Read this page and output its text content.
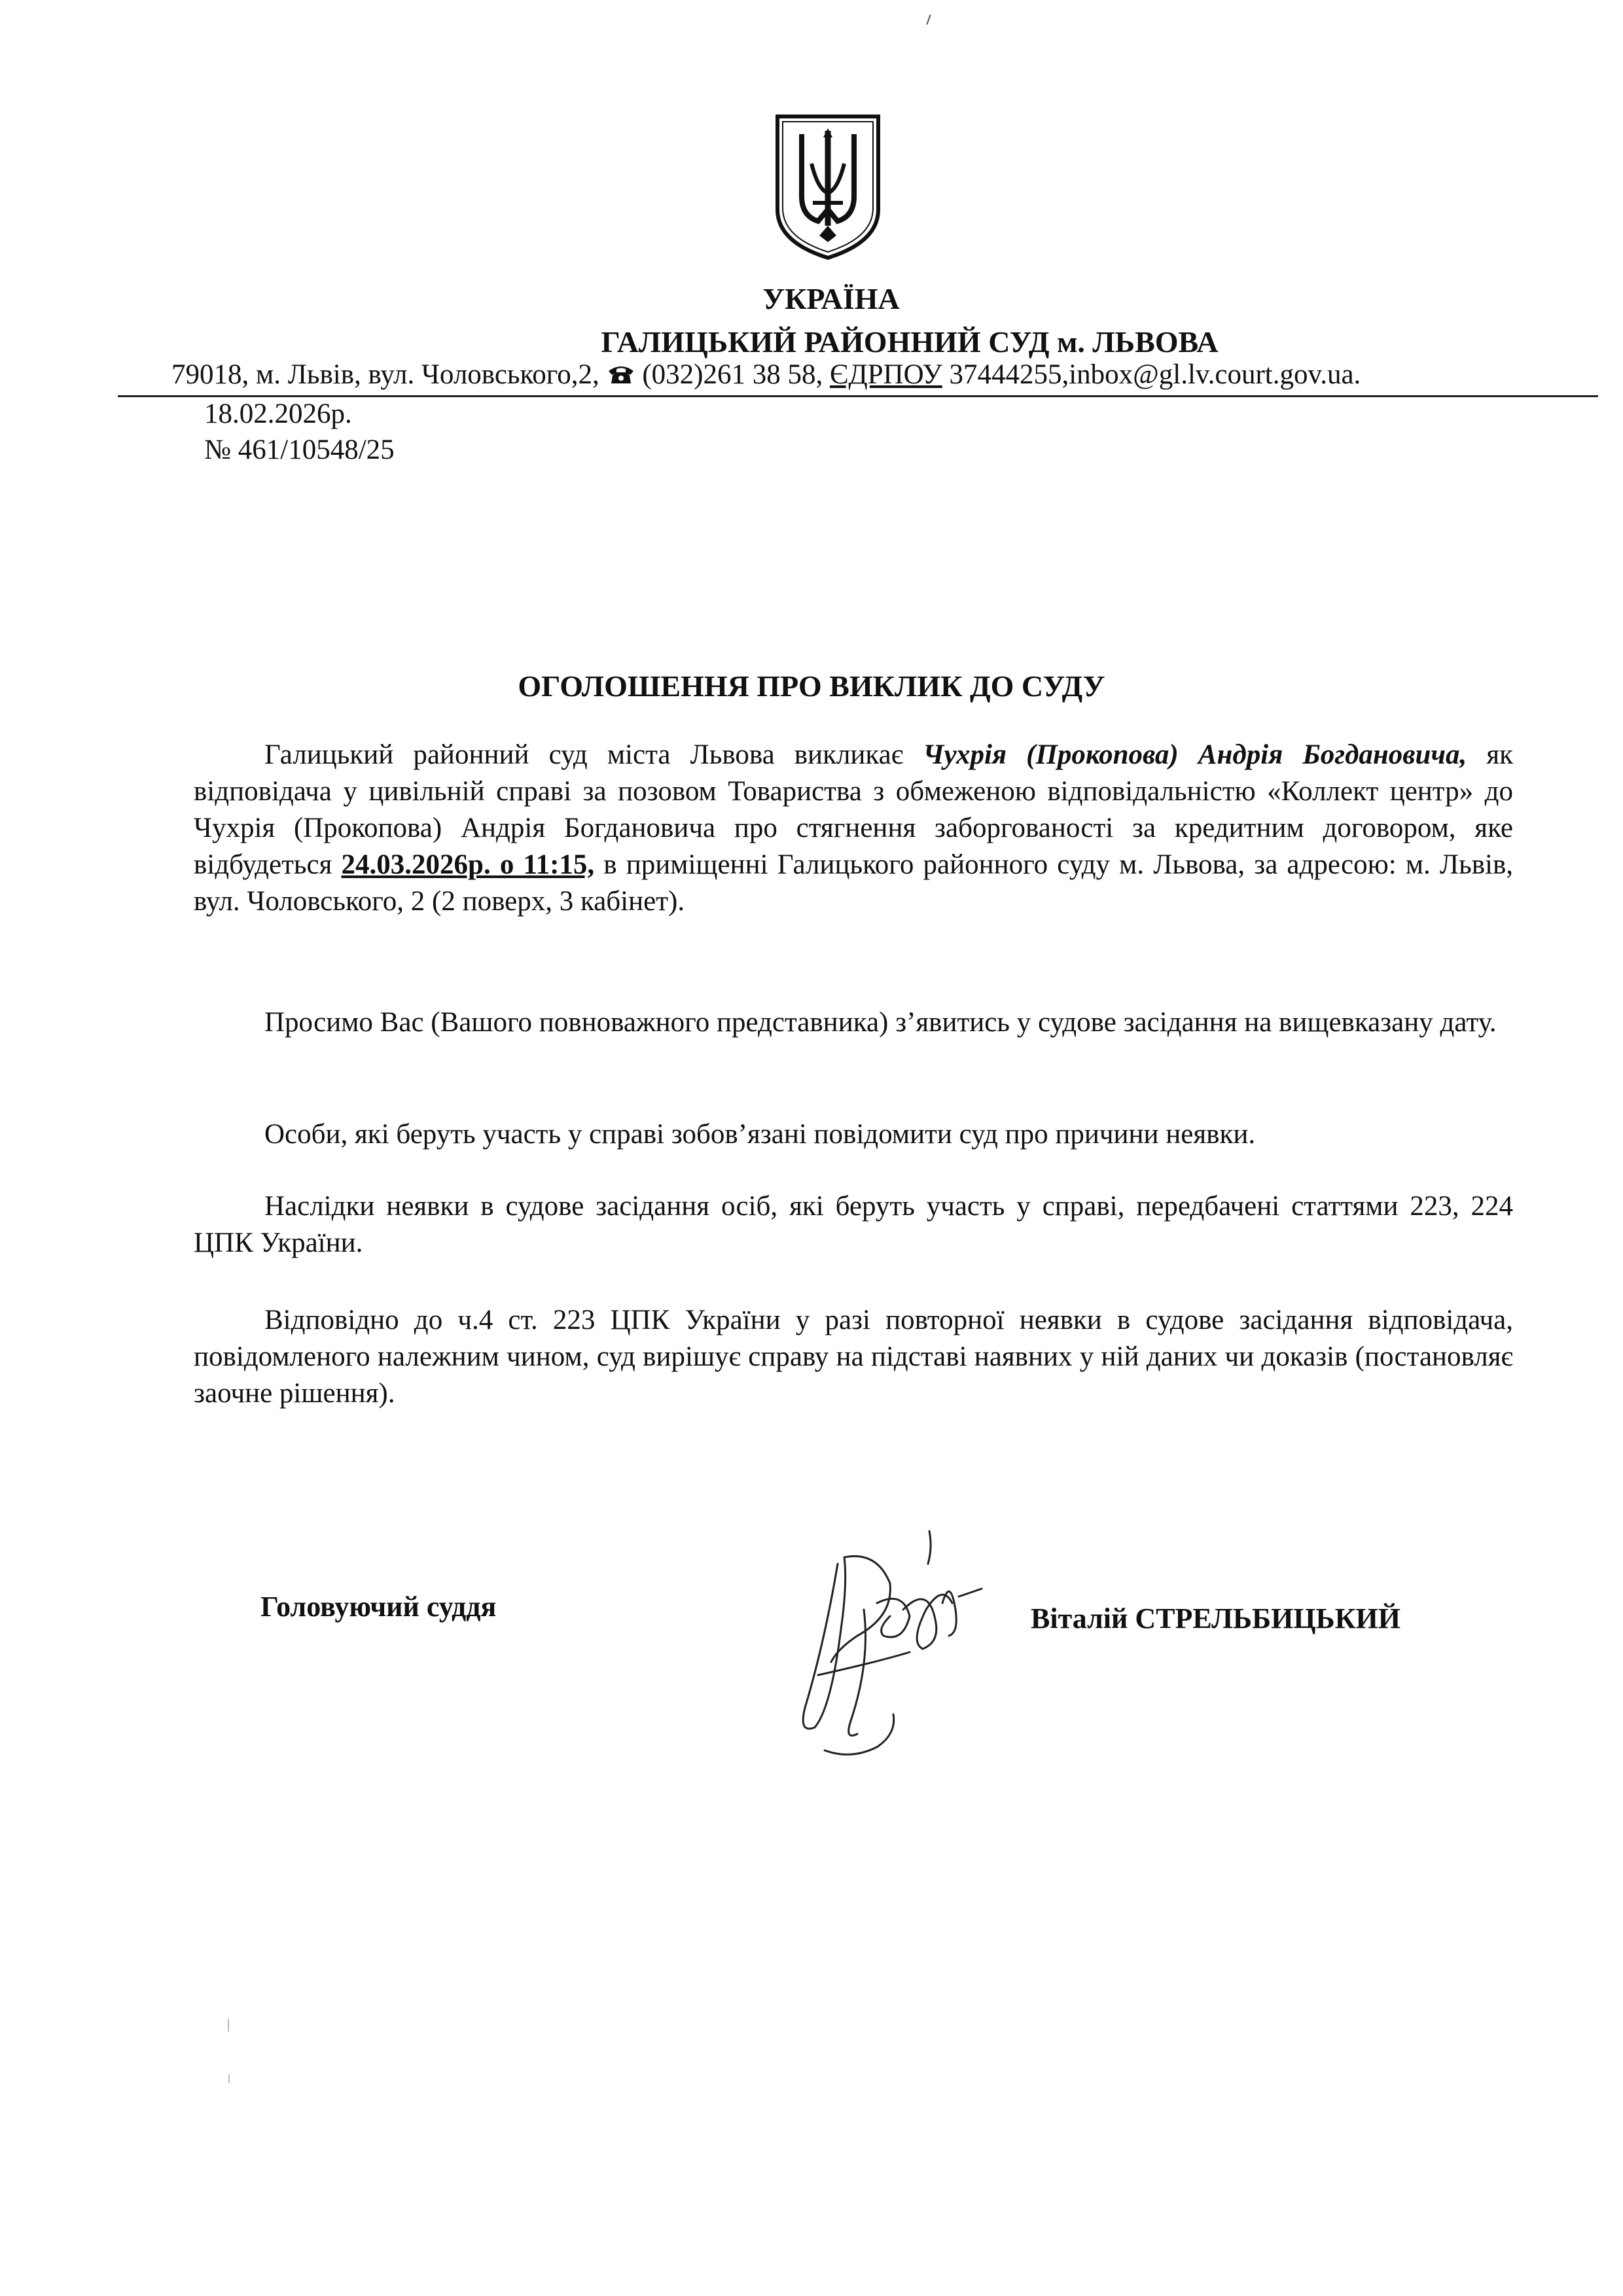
УКРАЇНА
ГАЛИЦЬКИЙ РАЙОННИЙ СУД м. ЛЬВОВА
79018, м. Львів, вул. Чоловського,2,  (032)261 38 58, ЄДРПОУ 37444255,inbox@gl.lv.court.gov.ua.
18.02.2026р.
№ 461/10548/25
ОГОЛОШЕННЯ ПРО ВИКЛИК ДО СУДУ
Галицький районний суд міста Львова викликає Чухрія (Прокопова) Андрія Богдановича, як відповідача у цивільній справі за позовом Товариства з обмеженою відповідальністю «Коллект центр» до Чухрія (Прокопова) Андрія Богдановича про стягнення заборгованості за кредитним договором, яке відбудеться 24.03.2026р. о 11:15, в приміщенні Галицького районного суду м. Львова, за адресою: м. Львів, вул. Чоловського, 2 (2 поверх, 3 кабінет).
Просимо Вас (Вашого повноважного представника) з’явитись у судове засідання на вищевказану дату.
Особи, які беруть участь у справі зобов’язані повідомити суд про причини неявки.
Наслідки неявки в судове засідання осіб, які беруть участь у справі, передбачені статтями 223, 224 ЦПК України.
Відповідно до ч.4 ст. 223 ЦПК України у разі повторної неявки в судове засідання відповідача, повідомленого належним чином, суд вирішує справу на підставі наявних у ній даних чи доказів (постановляє заочне рішення).
Головуючий суддя	Віталій СТРЕЛЬБИЦЬКИЙ
